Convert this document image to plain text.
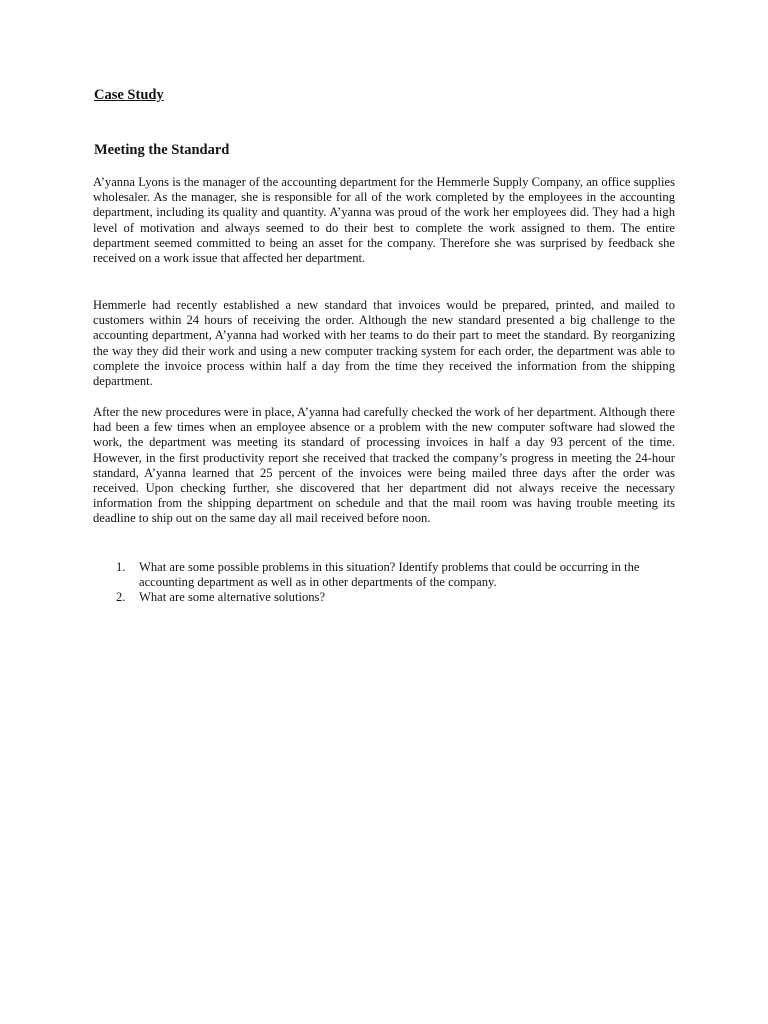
Case Study
Meeting the Standard

A’yanna Lyons is the manager of the accounting department for the Hemmerle Supply Company, an office supplies wholesaler. As the manager, she is responsible for all of the work completed by the employees in the accounting department, including its quality and quantity. A’yanna was proud of the work her employees did. They had a high level of motivation and always seemed to do their best to complete the work assigned to them. The entire department seemed committed to being an asset for the company. Therefore she was surprised by feedback she received on a work issue that affected her department.

Hemmerle had recently established a new standard that invoices would be prepared, printed, and mailed to customers within 24 hours of receiving the order. Although the new standard presented a big challenge to the accounting department, A’yanna had worked with her teams to do their part to meet the standard. By reorganizing the way they did their work and using a new computer tracking system for each order, the department was able to complete the invoice process within half a day from the time they received the information from the shipping department.

After the new procedures were in place, A’yanna had carefully checked the work of her department. Although there had been a few times when an employee absence or a problem with the new computer software had slowed the work, the department was meeting its standard of processing invoices in half a day 93 percent of the time. However, in the first productivity report she received that tracked the company’s progress in meeting the 24-hour standard, A’yanna learned that 25 percent of the invoices were being mailed three days after the order was received. Upon checking further, she discovered that her department did not always receive the necessary information from the shipping department on schedule and that the mail room was having trouble meeting its deadline to ship out on the same day all mail received before noon.

1. What are some possible problems in this situation? Identify problems that could be occurring in the accounting department as well as in other departments of the company.
2. What are some alternative solutions?
